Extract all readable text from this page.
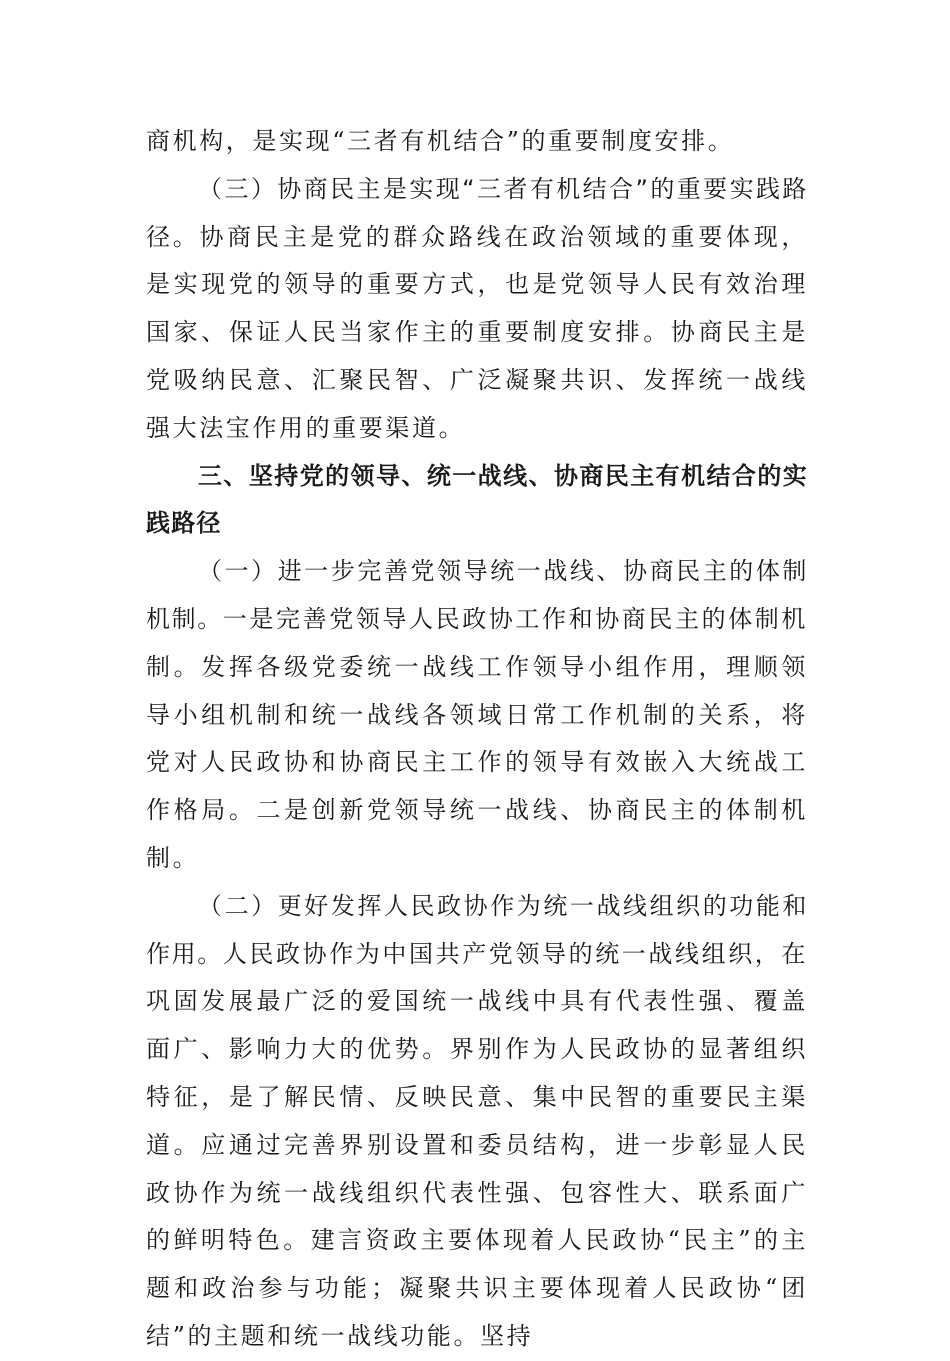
商机构，是实现“三者有机结合”的重要制度安排。

（三）协商民主是实现“三者有机结合”的重要实践路径。协商民主是党的群众路线在政治领域的重要体现，是实现党的领导的重要方式，也是党领导人民有效治理国家、保证人民当家作主的重要制度安排。协商民主是党吸纳民意、汇聚民智、广泛凝聚共识、发挥统一战线强大法宝作用的重要渠道。

三、坚持党的领导、统一战线、协商民主有机结合的实践路径

（一）进一步完善党领导统一战线、协商民主的体制机制。一是完善党领导人民政协工作和协商民主的体制机制。发挥各级党委统一战线工作领导小组作用，理顺领导小组机制和统一战线各领域日常工作机制的关系，将党对人民政协和协商民主工作的领导有效嵌入大统战工作格局。二是创新党领导统一战线、协商民主的体制机制。

（二）更好发挥人民政协作为统一战线组织的功能和作用。人民政协作为中国共产党领导的统一战线组织，在巩固发展最广泛的爱国统一战线中具有代表性强、覆盖面广、影响力大的优势。界别作为人民政协的显著组织特征，是了解民情、反映民意、集中民智的重要民主渠道。应通过完善界别设置和委员结构，进一步彰显人民政协作为统一战线组织代表性强、包容性大、联系面广的鲜明特色。建言资政主要体现着人民政协“民主”的主题和政治参与功能；凝聚共识主要体现着人民政协“团结”的主题和统一战线功能。坚持
